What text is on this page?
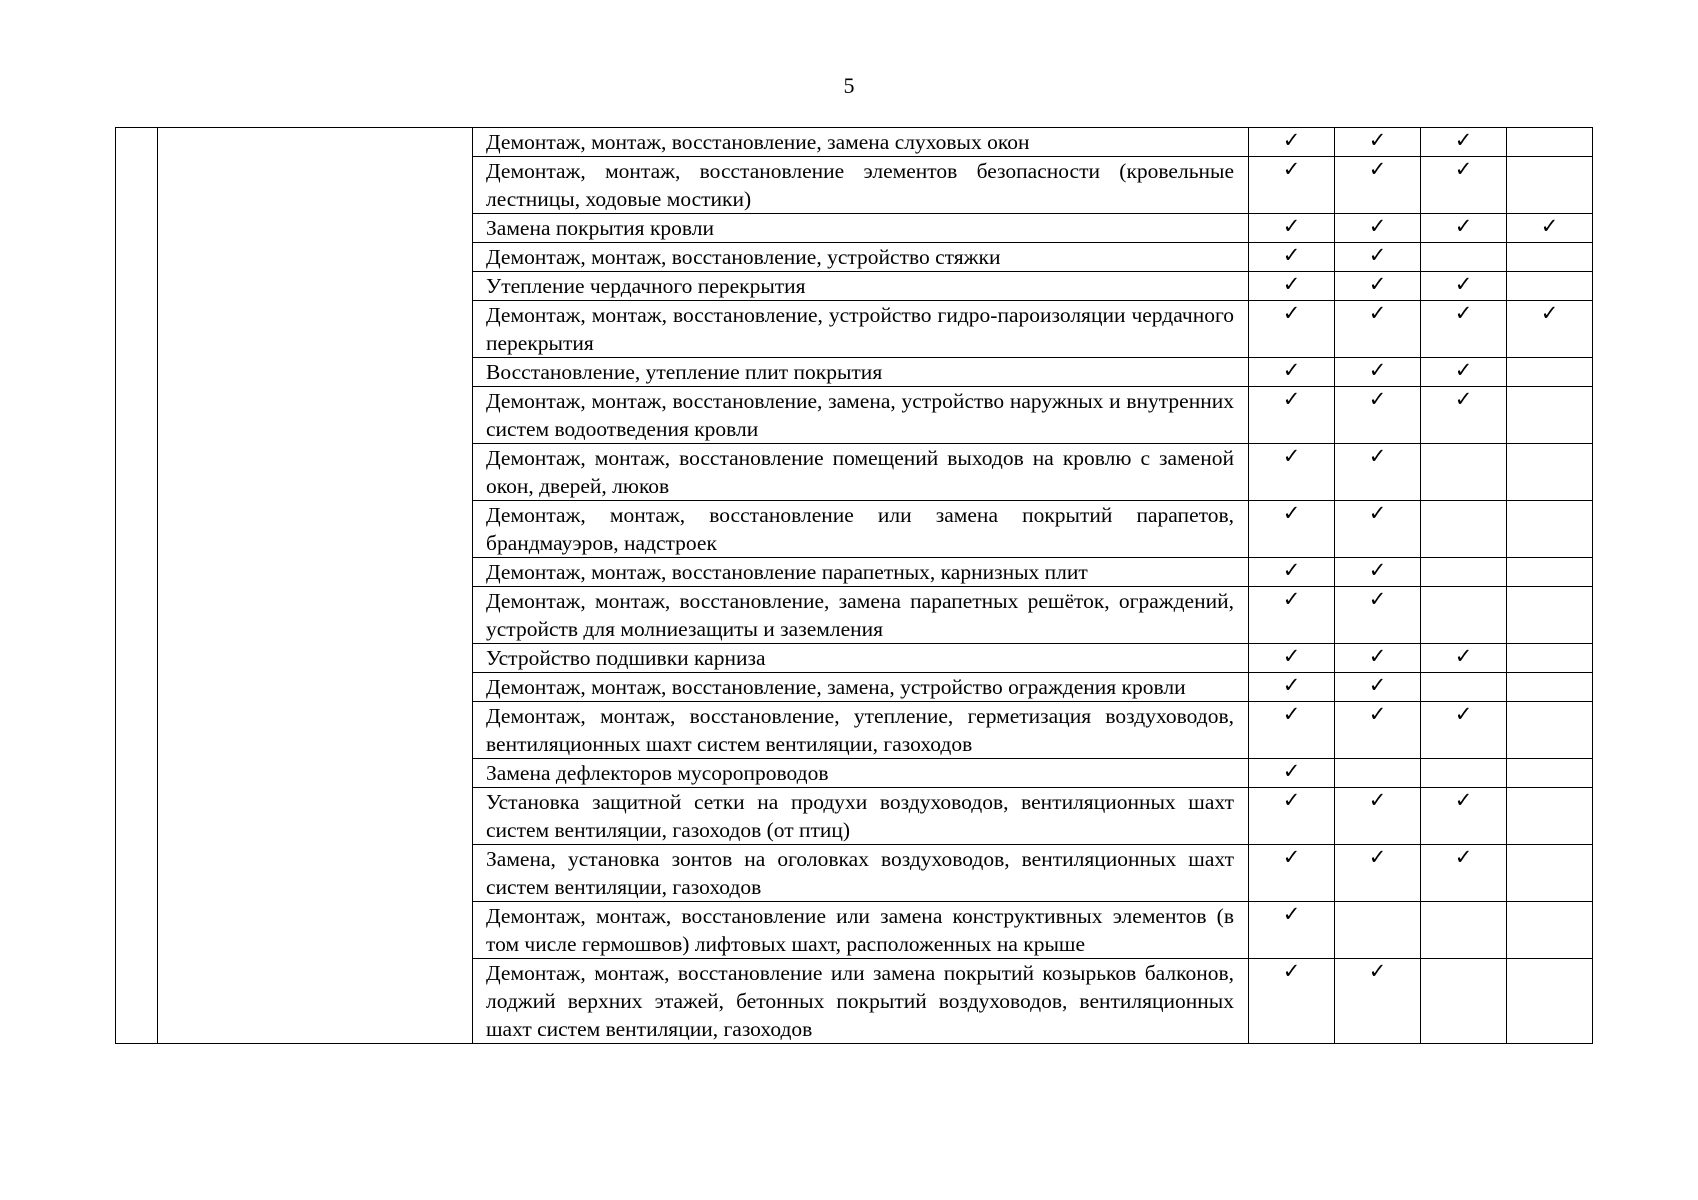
5
		Демонтаж, монтаж, восстановление, замена слуховых окон	✓	✓	✓	
		Демонтаж, монтаж, восстановление элементов безопасности (кровельные лестницы, ходовые мостики)	✓	✓	✓	
		Замена покрытия кровли	✓	✓	✓	✓
		Демонтаж, монтаж, восстановление, устройство стяжки	✓	✓		
		Утепление чердачного перекрытия	✓	✓	✓	
		Демонтаж, монтаж, восстановление, устройство гидро-пароизоляции чердачного перекрытия	✓	✓	✓	✓
		Восстановление, утепление плит покрытия	✓	✓	✓	
		Демонтаж, монтаж, восстановление, замена, устройство наружных и внутренних систем водоотведения кровли	✓	✓	✓	
		Демонтаж, монтаж, восстановление помещений выходов на кровлю с заменой окон, дверей, люков	✓	✓		
		Демонтаж, монтаж, восстановление или замена покрытий парапетов, брандмауэров, надстроек	✓	✓		
		Демонтаж, монтаж, восстановление парапетных, карнизных плит	✓	✓		
		Демонтаж, монтаж, восстановление, замена парапетных решёток, ограждений, устройств для молниезащиты и заземления	✓	✓		
		Устройство подшивки карниза	✓	✓	✓	
		Демонтаж, монтаж, восстановление, замена, устройство ограждения кровли	✓	✓		
		Демонтаж, монтаж, восстановление, утепление, герметизация воздуховодов, вентиляционных шахт систем вентиляции, газоходов	✓	✓	✓	
		Замена дефлекторов мусоропроводов	✓			
		Установка защитной сетки на продухи воздуховодов, вентиляционных шахт систем вентиляции, газоходов (от птиц)	✓	✓	✓	
		Замена, установка зонтов на оголовках воздуховодов, вентиляционных шахт систем вентиляции, газоходов	✓	✓	✓	
		Демонтаж, монтаж, восстановление или замена конструктивных элементов (в том числе гермошвов) лифтовых шахт, расположенных на крыше	✓			
		Демонтаж, монтаж, восстановление или замена покрытий козырьков балконов, лоджий верхних этажей, бетонных покрытий воздуховодов, вентиляционных шахт систем вентиляции, газоходов	✓	✓		
